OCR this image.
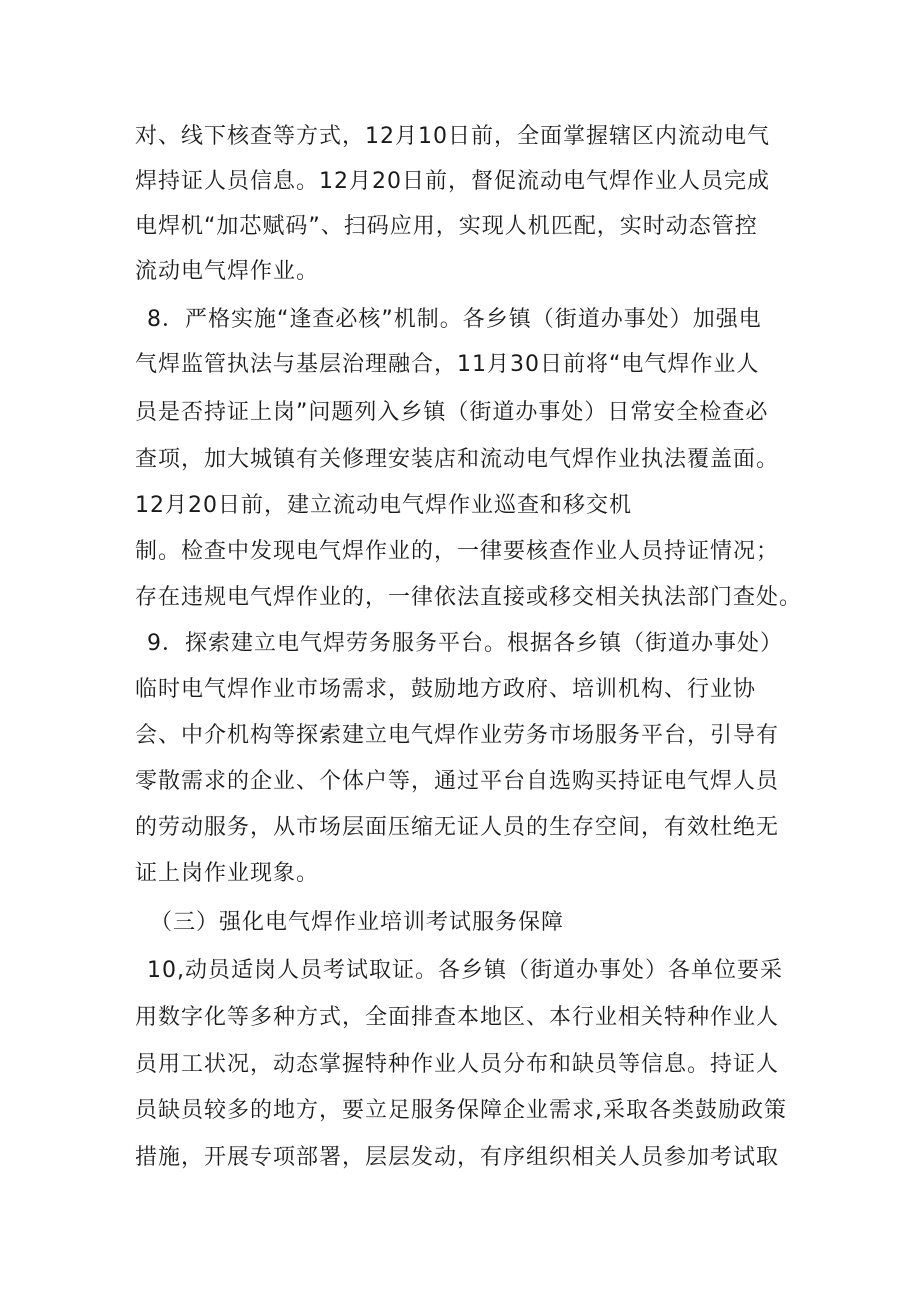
对、线下核查等方式，12月10日前，全面掌握辖区内流动电气
焊持证人员信息。12月20日前，督促流动电气焊作业人员完成
电焊机“加芯赋码”、扫码应用，实现人机匹配，实时动态管控
流动电气焊作业。
8．严格实施“逢查必核”机制。各乡镇（街道办事处）加强电
气焊监管执法与基层治理融合，11月30日前将“电气焊作业人
员是否持证上岗”问题列入乡镇（街道办事处）日常安全检查必
查项，加大城镇有关修理安装店和流动电气焊作业执法覆盖面。
12月20日前，建立流动电气焊作业巡查和移交机
制。检查中发现电气焊作业的，一律要核查作业人员持证情况；
存在违规电气焊作业的，一律依法直接或移交相关执法部门查处。
9．探索建立电气焊劳务服务平台。根据各乡镇（街道办事处）
临时电气焊作业市场需求，鼓励地方政府、培训机构、行业协
会、中介机构等探索建立电气焊作业劳务市场服务平台，引导有
零散需求的企业、个体户等，通过平台自选购买持证电气焊人员
的劳动服务，从市场层面压缩无证人员的生存空间，有效杜绝无
证上岗作业现象。
（三）强化电气焊作业培训考试服务保障
10,动员适岗人员考试取证。各乡镇（街道办事处）各单位要采
用数字化等多种方式，全面排查本地区、本行业相关特种作业人
员用工状况，动态掌握特种作业人员分布和缺员等信息。持证人
员缺员较多的地方，要立足服务保障企业需求,采取各类鼓励政策
措施，开展专项部署，层层发动，有序组织相关人员参加考试取
